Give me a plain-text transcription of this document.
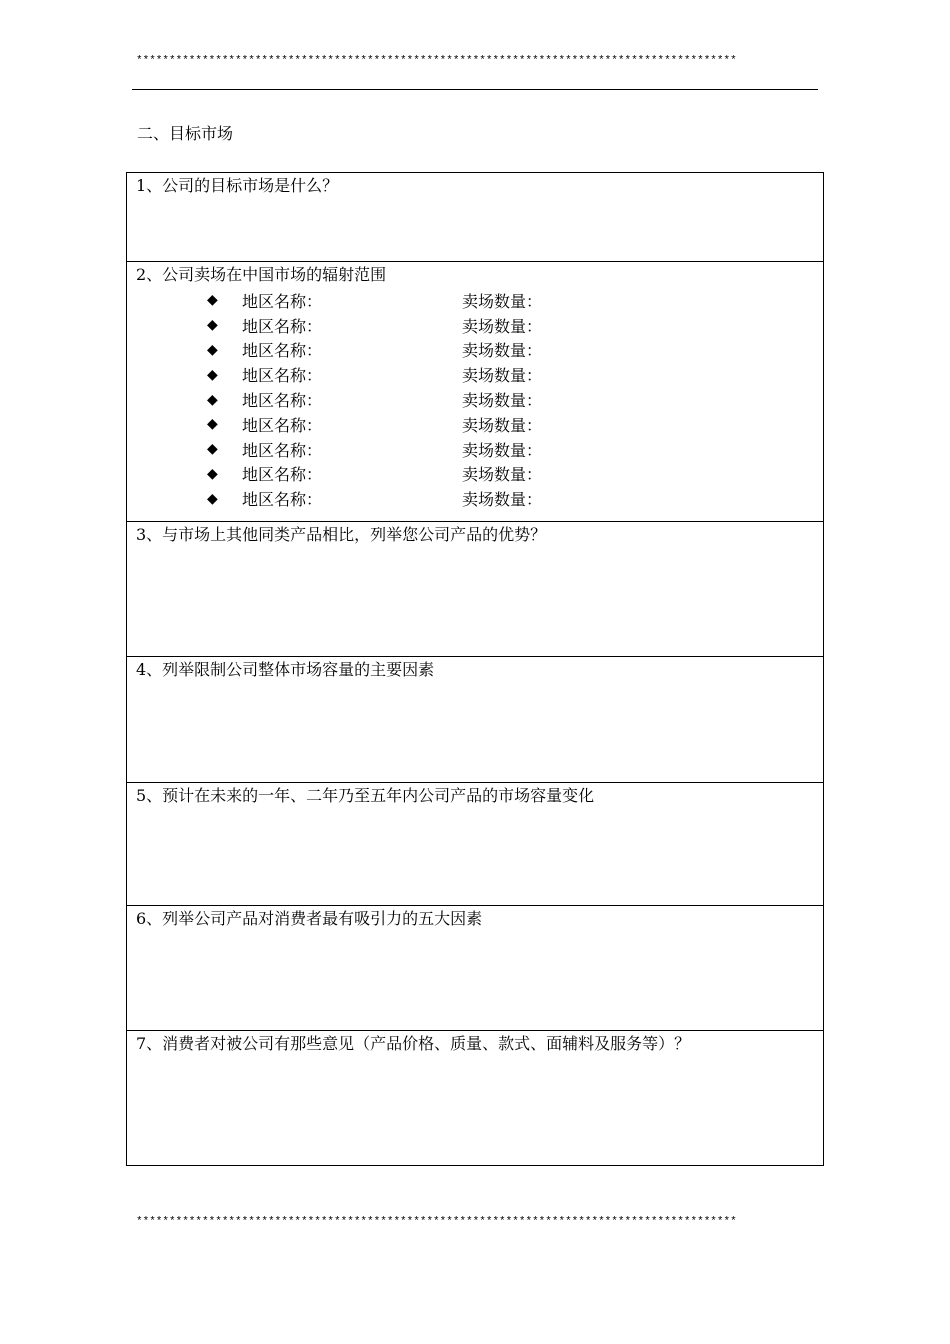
*******************************************************************************************
二、目标市场
1、公司的目标市场是什么？
2、公司卖场在中国市场的辐射范围
◆ 地区名称：	卖场数量：
◆ 地区名称：	卖场数量：
◆ 地区名称：	卖场数量：
◆ 地区名称：	卖场数量：
◆ 地区名称：	卖场数量：
◆ 地区名称：	卖场数量：
◆ 地区名称：	卖场数量：
◆ 地区名称：	卖场数量：
◆ 地区名称：	卖场数量：
3、与市场上其他同类产品相比，列举您公司产品的优势？
4、列举限制公司整体市场容量的主要因素
5、预计在未来的一年、二年乃至五年内公司产品的市场容量变化
6、列举公司产品对消费者最有吸引力的五大因素
7、消费者对被公司有那些意见（产品价格、质量、款式、面辅料及服务等）？
*******************************************************************************************
